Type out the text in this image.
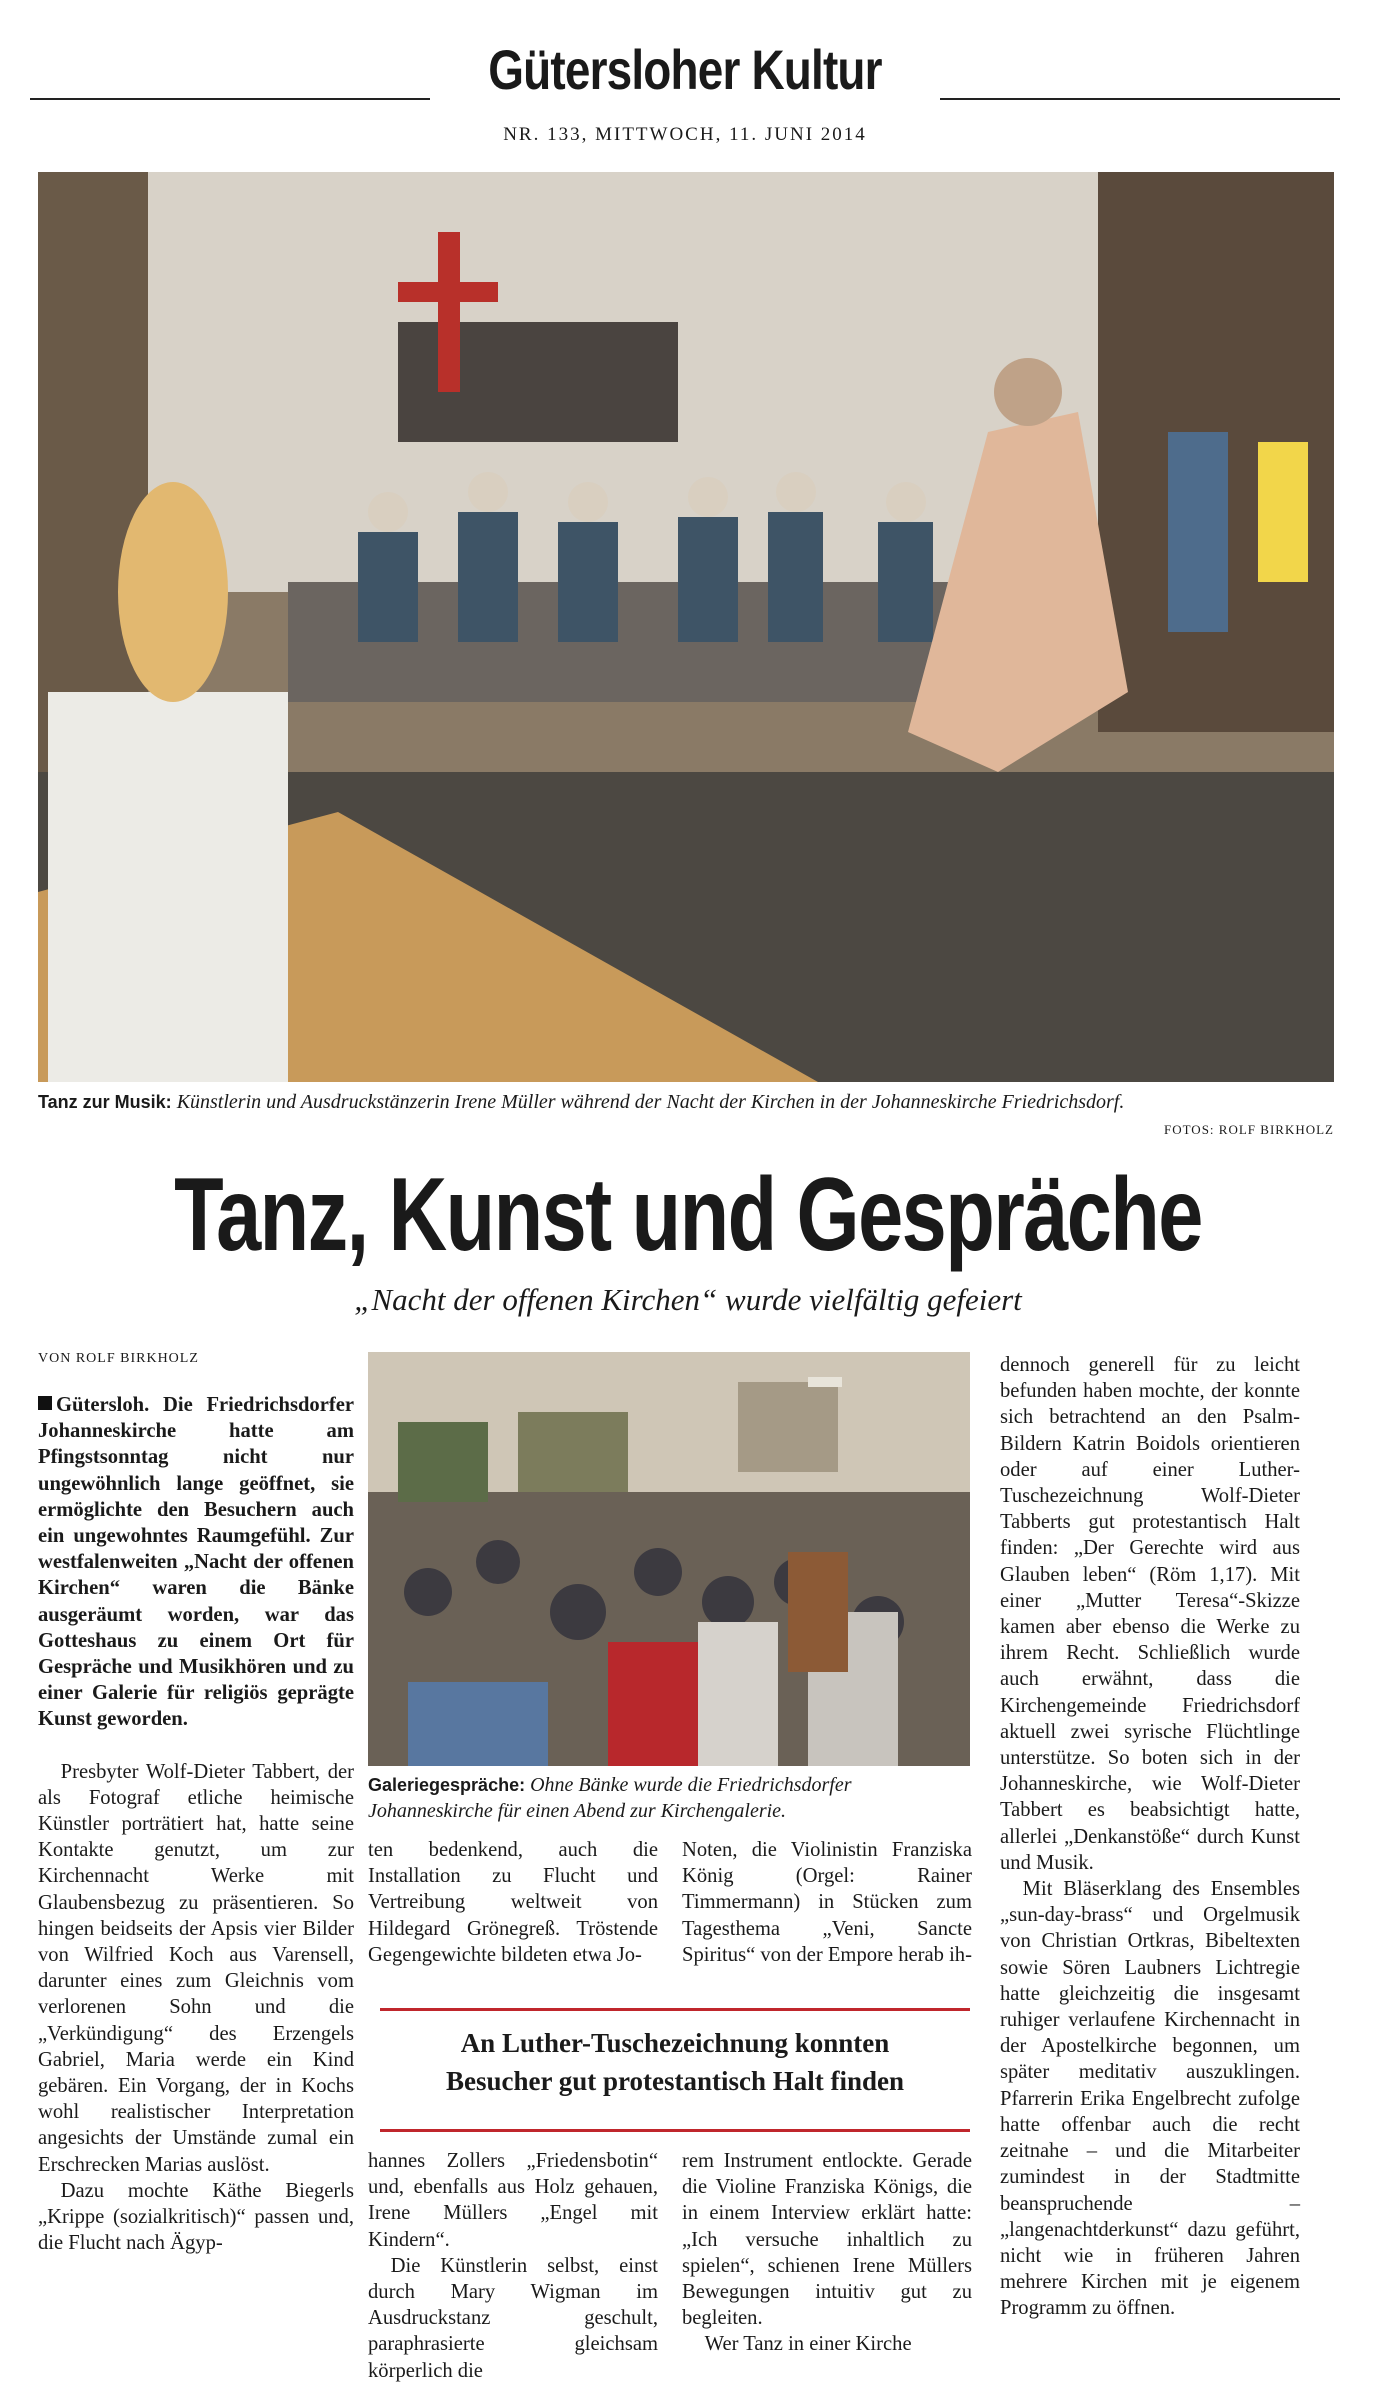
Gütersloher Kultur
NR. 133, MITTWOCH, 11. JUNI 2014
Tanz zur Musik: Künstlerin und Ausdruckstänzerin Irene Müller während der Nacht der Kirchen in der Johanneskirche Friedrichsdorf.
FOTOS: ROLF BIRKHOLZ
Tanz, Kunst und Gespräche
„Nacht der offenen Kirchen“ wurde vielfältig gefeiert
VON ROLF BIRKHOLZ

Gütersloh. Die Friedrichsdorfer Johanneskirche hatte am Pfingstsonntag nicht nur ungewöhnlich lange geöffnet, sie ermöglichte den Besuchern auch ein ungewohntes Raumgefühl. Zur westfalenweiten „Nacht der offenen Kirchen“ waren die Bänke ausgeräumt worden, war das Gotteshaus zu einem Ort für Gespräche und Musikhören und zu einer Galerie für religiös geprägte Kunst geworden.

Presbyter Wolf-Dieter Tabbert, der als Fotograf etliche heimische Künstler porträtiert hat, hatte seine Kontakte genutzt, um zur Kirchennacht Werke mit Glaubensbezug zu präsentieren. So hingen beidseits der Apsis vier Bilder von Wilfried Koch aus Varensell, darunter eines zum Gleichnis vom verlorenen Sohn und die „Verkündigung“ des Erzengels Gabriel, Maria werde ein Kind gebären. Ein Vorgang, der in Kochs wohl realistischer Interpretation angesichts der Umstände zumal ein Erschrecken Marias auslöst.

Dazu mochte Käthe Biegerls „Krippe (sozialkritisch)“ passen und, die Flucht nach Ägyp-

Galeriegespräche: Ohne Bänke wurde die Friedrichsdorfer Johanneskirche für einen Abend zur Kirchengalerie.

ten bedenkend, auch die Installation zu Flucht und Vertreibung weltweit von Hildegard Grönegreß. Tröstende Gegengewichte bildeten etwa Jo-

Noten, die Violinistin Franziska König (Orgel: Rainer Timmermann) in Stücken zum Tagesthema „Veni, Sancte Spiritus“ von der Empore herab ih-

An Luther-Tuschezeichnung konnten
Besucher gut protestantisch Halt finden

hannes Zollers „Friedensbotin“ und, ebenfalls aus Holz gehauen, Irene Müllers „Engel mit Kindern“.

Die Künstlerin selbst, einst durch Mary Wigman im Ausdruckstanz geschult, paraphrasierte gleichsam körperlich die

rem Instrument entlockte. Gerade die Violine Franziska Königs, die in einem Interview erklärt hatte: „Ich versuche inhaltlich zu spielen“, schienen Irene Müllers Bewegungen intuitiv gut zu begleiten.

Wer Tanz in einer Kirche

dennoch generell für zu leicht befunden haben mochte, der konnte sich betrachtend an den Psalm-Bildern Katrin Boidols orientieren oder auf einer Luther-Tuschezeichnung Wolf-Dieter Tabberts gut protestantisch Halt finden: „Der Gerechte wird aus Glauben leben“ (Röm 1,17). Mit einer „Mutter Teresa“-Skizze kamen aber ebenso die Werke zu ihrem Recht. Schließlich wurde auch erwähnt, dass die Kirchengemeinde Friedrichsdorf aktuell zwei syrische Flüchtlinge unterstütze. So boten sich in der Johanneskirche, wie Wolf-Dieter Tabbert es beabsichtigt hatte, allerlei „Denkanstöße“ durch Kunst und Musik.

Mit Bläserklang des Ensembles „sun-day-brass“ und Orgelmusik von Christian Ortkras, Bibeltexten sowie Sören Laubners Lichtregie hatte gleichzeitig die insgesamt ruhiger verlaufene Kirchennacht in der Apostelkirche begonnen, um später meditativ auszuklingen. Pfarrerin Erika Engelbrecht zufolge hatte offenbar auch die recht zeitnahe – und die Mitarbeiter zumindest in der Stadtmitte beanspruchende – „langenachtderkunst“ dazu geführt, nicht wie in früheren Jahren mehrere Kirchen mit je eigenem Programm zu öffnen.
